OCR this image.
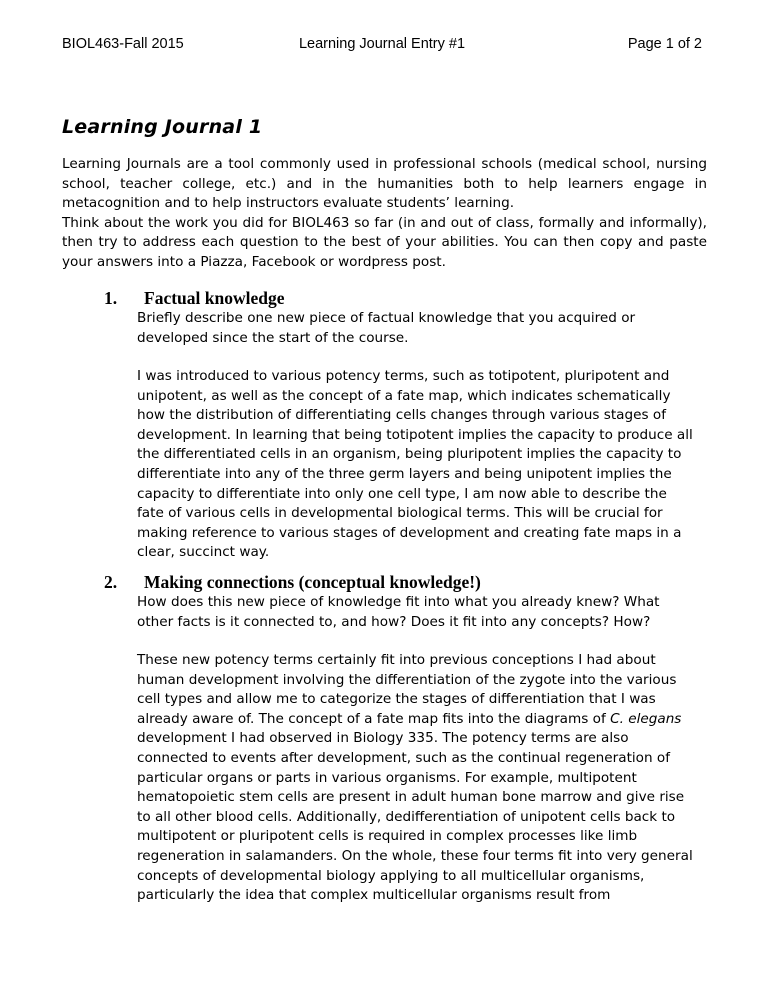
BIOL463-Fall 2015	Learning Journal Entry #1	Page 1 of 2
Learning Journal 1

Learning Journals are a tool commonly used in professional schools (medical school, nursing school, teacher college, etc.) and in the humanities both to help learners engage in metacognition and to help instructors evaluate students’ learning.

Think about the work you did for BIOL463 so far (in and out of class, formally and informally), then try to address each question to the best of your abilities. You can then copy and paste your answers into a Piazza, Facebook or wordpress post.

1. Factual knowledge

Briefly describe one new piece of factual knowledge that you acquired or developed since the start of the course.

I was introduced to various potency terms, such as totipotent, pluripotent and unipotent, as well as the concept of a fate map, which indicates schematically how the distribution of differentiating cells changes through various stages of development. In learning that being totipotent implies the capacity to produce all the differentiated cells in an organism, being pluripotent implies the capacity to differentiate into any of the three germ layers and being unipotent implies the capacity to differentiate into only one cell type, I am now able to describe the fate of various cells in developmental biological terms. This will be crucial for making reference to various stages of development and creating fate maps in a clear, succinct way.

2. Making connections (conceptual knowledge!)

How does this new piece of knowledge fit into what you already knew? What other facts is it connected to, and how? Does it fit into any concepts? How?

These new potency terms certainly fit into previous conceptions I had about human development involving the differentiation of the zygote into the various cell types and allow me to categorize the stages of differentiation that I was already aware of. The concept of a fate map fits into the diagrams of C. elegans development I had observed in Biology 335. The potency terms are also connected to events after development, such as the continual regeneration of particular organs or parts in various organisms. For example, multipotent hematopoietic stem cells are present in adult human bone marrow and give rise to all other blood cells. Additionally, dedifferentiation of unipotent cells back to multipotent or pluripotent cells is required in complex processes like limb regeneration in salamanders. On the whole, these four terms fit into very general concepts of developmental biology applying to all multicellular organisms, particularly the idea that complex multicellular organisms result from
